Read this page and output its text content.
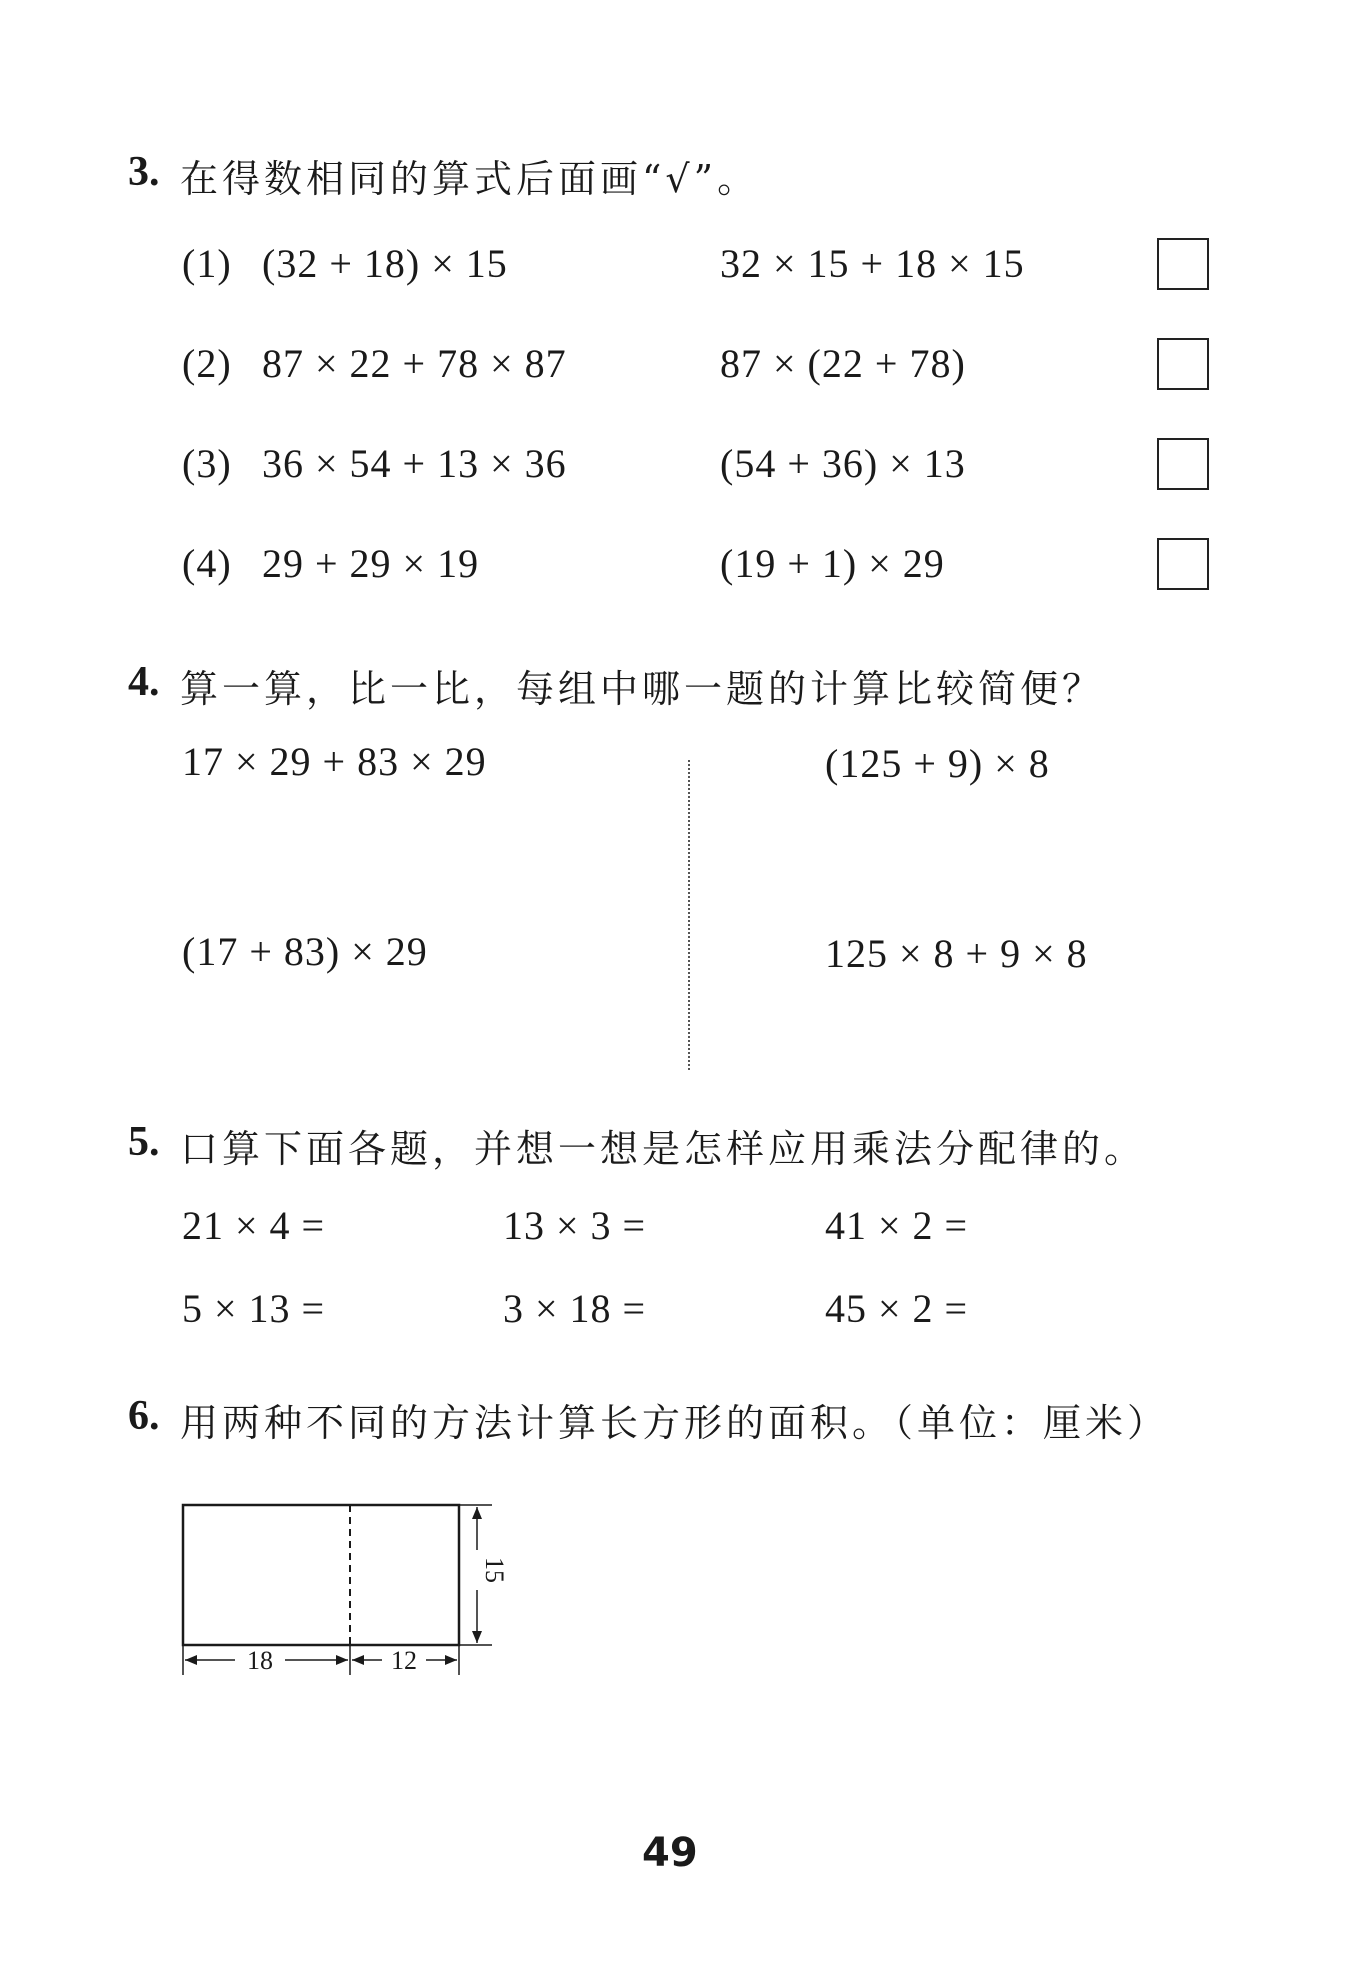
3. 在得数相同的算式后面画“√”。
(1) (32 + 18) × 15	32 × 15 + 18 × 15
(2) 87 × 22 + 78 × 87	87 × (22 + 78)
(3) 36 × 54 + 13 × 36	(54 + 36) × 13
(4) 29 + 29 × 19	(19 + 1) × 29
4. 算一算，比一比，每组中哪一题的计算比较简便？
17 × 29 + 83 × 29
(17 + 83) × 29
(125 + 9) × 8
125 × 8 + 9 × 8
5. 口算下面各题，并想一想是怎样应用乘法分配律的。
21 × 4 =	13 × 3 =	41 × 2 =
5 × 13 =	3 × 18 =	45 × 2 =
6. 用两种不同的方法计算长方形的面积。（单位：厘米）
18	12
15
49
